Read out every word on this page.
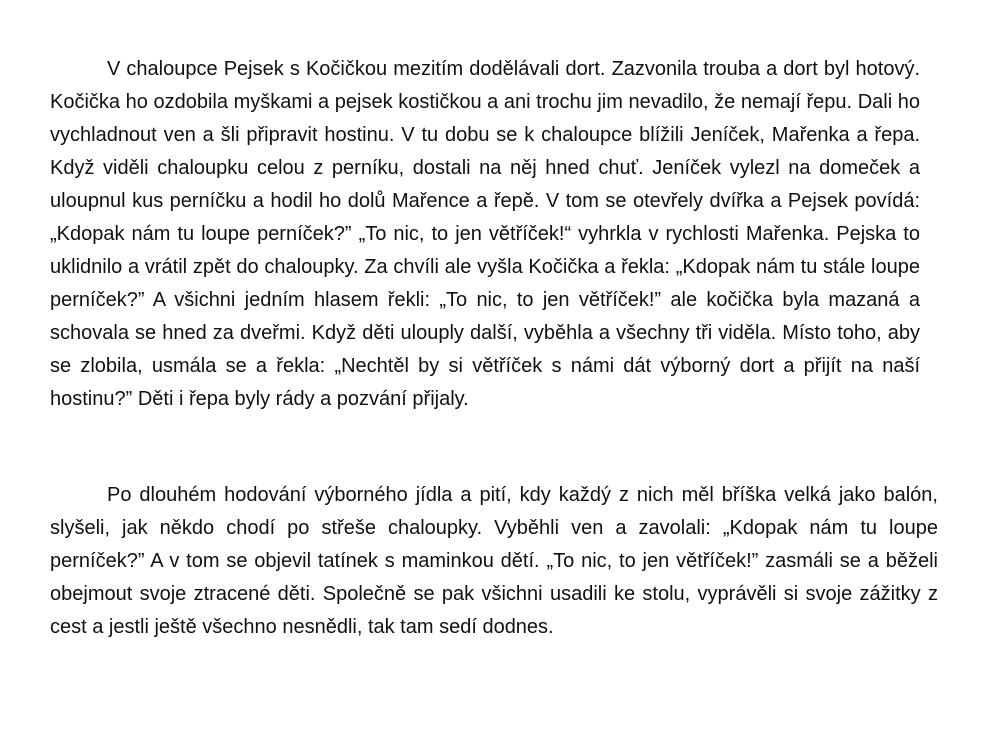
V chaloupce Pejsek s Kočičkou mezitím dodělávali dort. Zazvonila trouba a dort byl hotový. Kočička ho ozdobila myškami a pejsek kostičkou a ani trochu jim nevadilo, že nemají řepu. Dali ho vychladnout ven a šli připravit hostinu. V tu dobu se k chaloupce blížili Jeníček, Mařenka a řepa. Když viděli chaloupku celou z perníku, dostali na něj hned chuť. Jeníček vylezl na domeček a uloupnul kus perníčku a hodil ho dolů Mařence a řepě. V tom se otevřely dvířka a Pejsek povídá: „Kdopak nám tu loupe perníček?” „To nic, to jen větříček!“ vyhrkla v rychlosti Mařenka. Pejska to uklidnilo a vrátil zpět do chaloupky. Za chvíli ale vyšla Kočička a řekla: „Kdopak nám tu stále loupe perníček?” A všichni jedním hlasem řekli: „To nic, to jen větříček!” ale kočička byla mazaná a schovala se hned za dveřmi. Když děti ulouply další, vyběhla a všechny tři viděla. Místo toho, aby se zlobila, usmála se a řekla: „Nechtěl by si větříček s námi dát výborný dort a přijít na naší hostinu?” Děti i řepa byly rády a pozvání přijaly.

Po dlouhém hodování výborného jídla a pití, kdy každý z nich měl bříška velká jako balón, slyšeli, jak někdo chodí po střeše chaloupky. Vyběhli ven a zavolali: „Kdopak nám tu loupe perníček?” A v tom se objevil tatínek s maminkou dětí. „To nic, to jen větříček!” zasmáli se a běželi obejmout svoje ztracené děti. Společně se pak všichni usadili ke stolu, vyprávěli si svoje zážitky z cest a jestli ještě všechno nesnědli, tak tam sedí dodnes.
